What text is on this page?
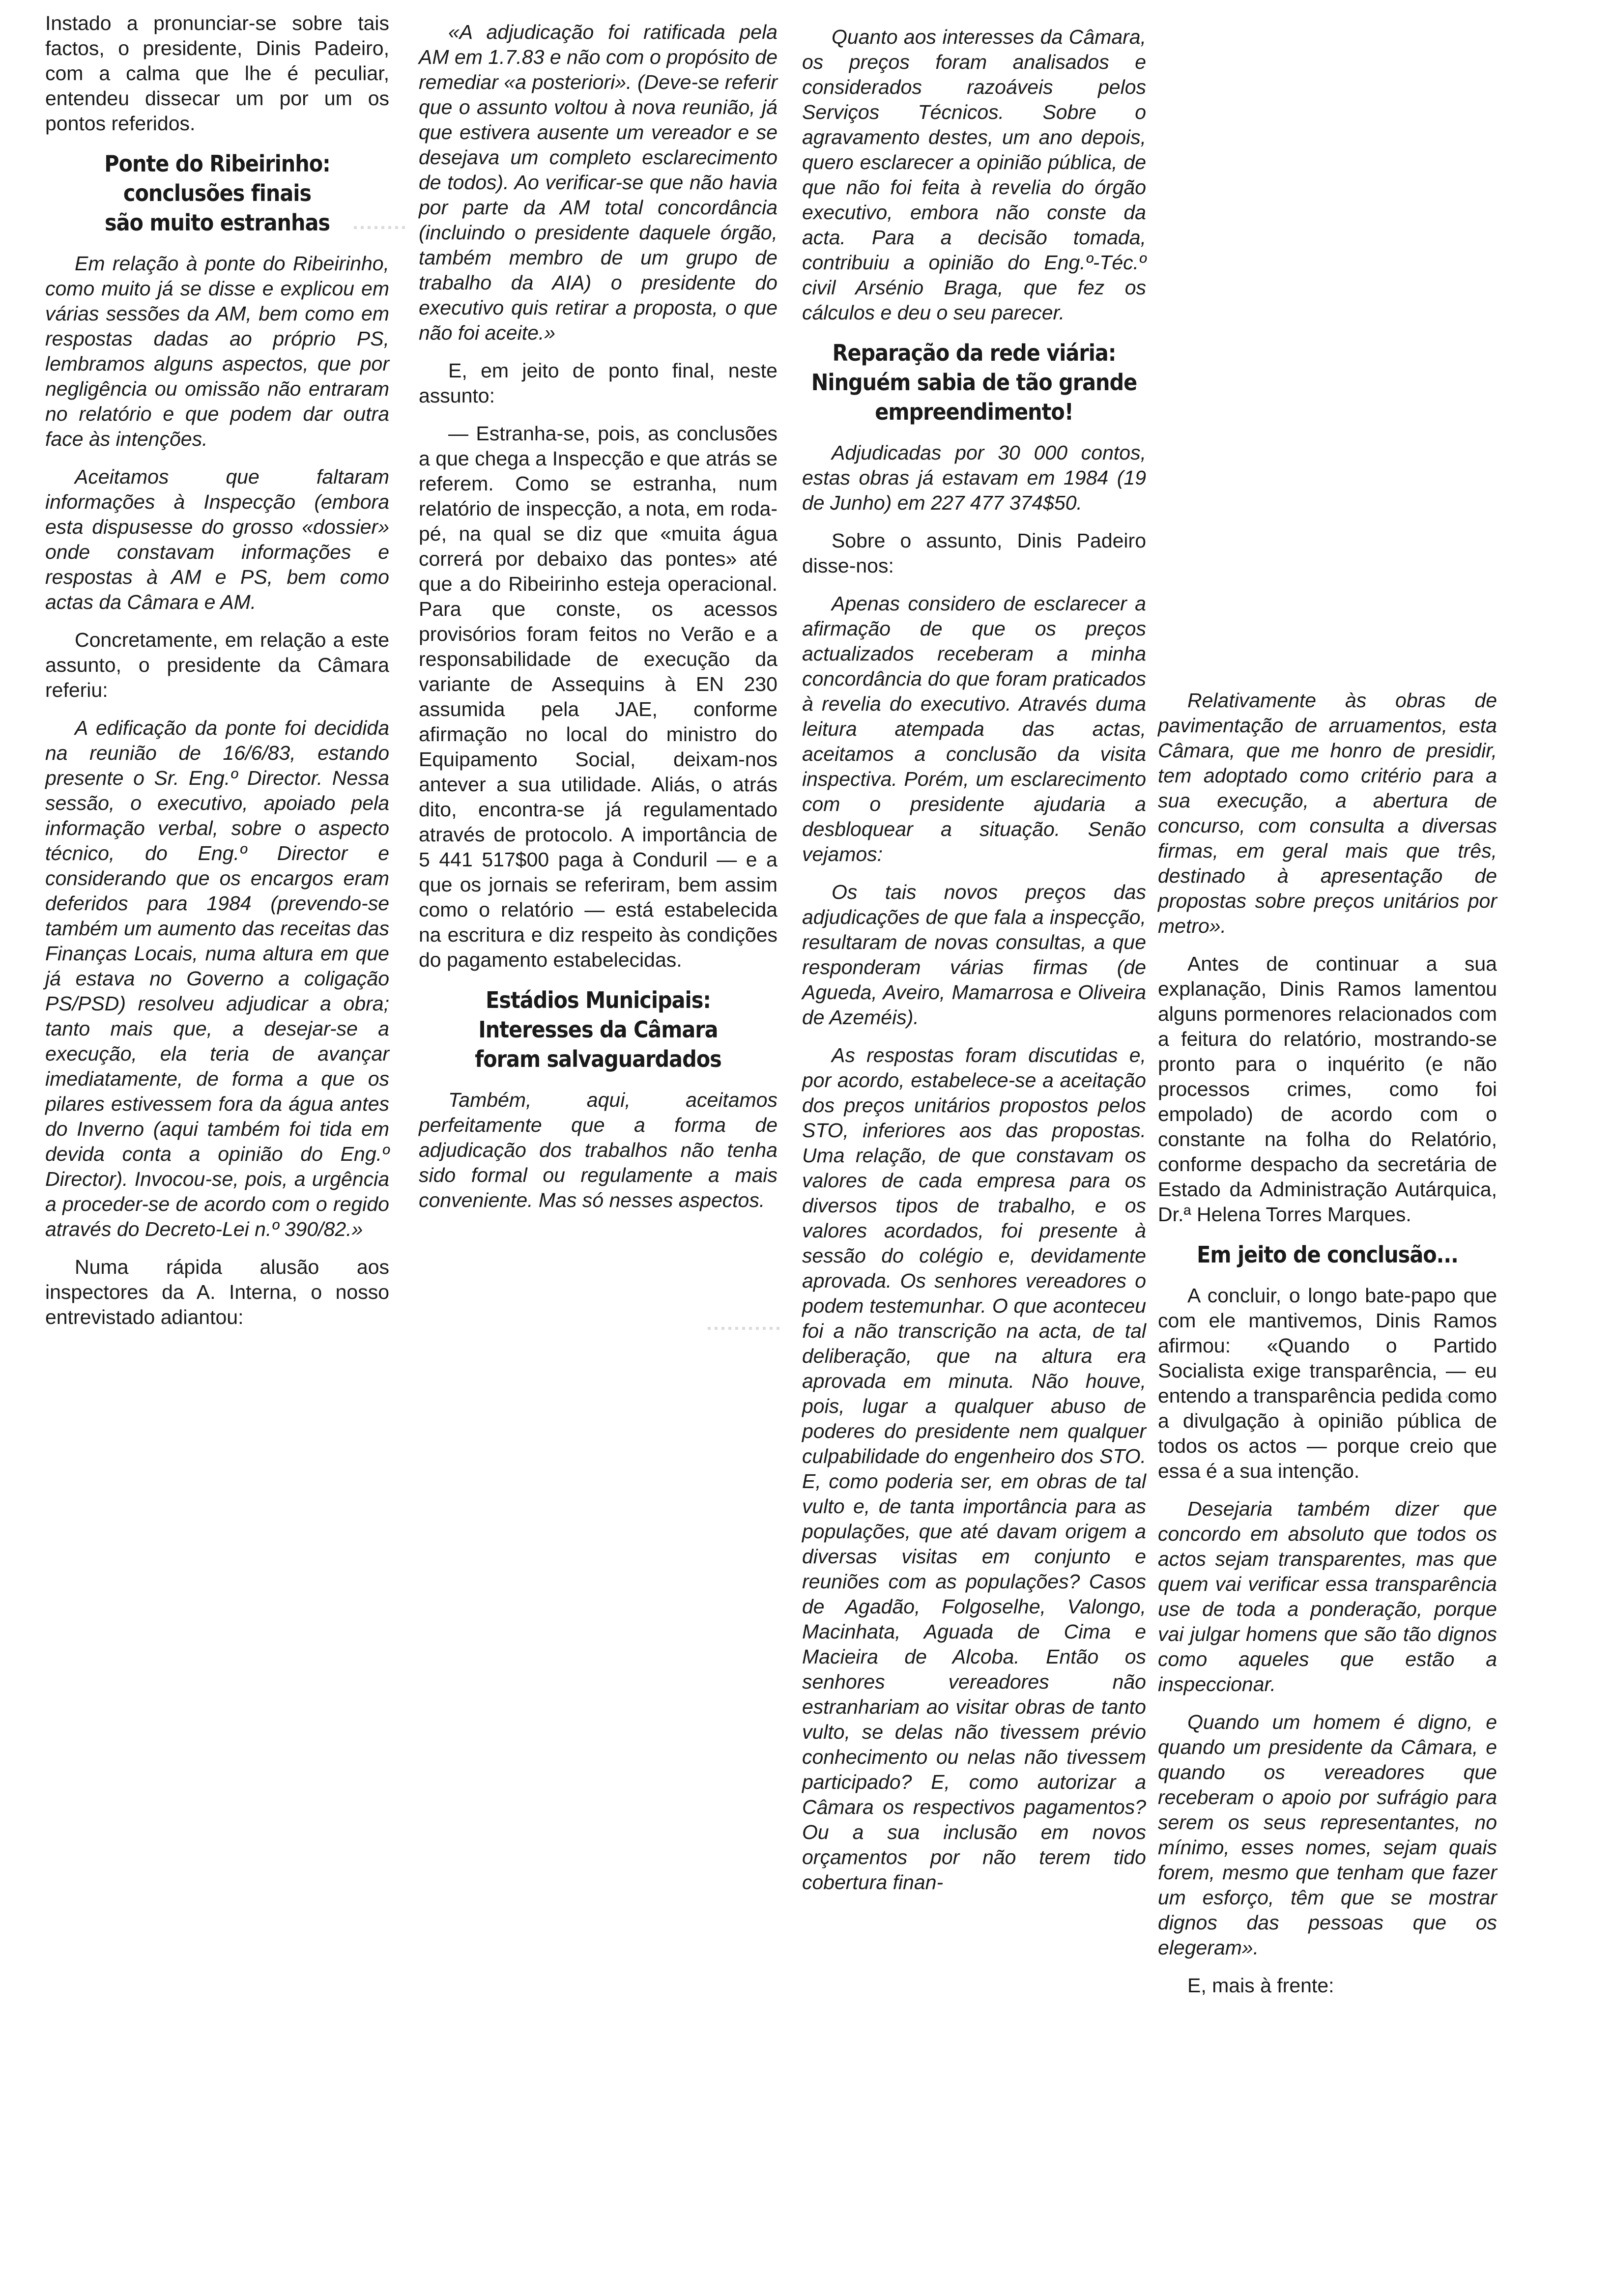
Instado a pronunciar-se sobre tais factos, o presidente, Dinis Padeiro, com a calma que lhe é peculiar, entendeu dissecar um por um os pontos referidos.

Ponte do Ribeirinho:
conclusões finais
são muito estranhas

Em relação à ponte do Ribeirinho, como muito já se disse e explicou em várias sessões da AM, bem como em respostas dadas ao próprio PS, lembramos alguns aspectos, que por negligência ou omissão não entraram no relatório e que podem dar outra face às intenções.

Aceitamos que faltaram informações à Inspecção (embora esta dispusesse do grosso «dossier» onde constavam informações e respostas à AM e PS, bem como actas da Câmara e AM.

Concretamente, em relação a este assunto, o presidente da Câmara referiu:

A edificação da ponte foi decidida na reunião de 16/6/83, estando presente o Sr. Eng.º Director. Nessa sessão, o executivo, apoiado pela informação verbal, sobre o aspecto técnico, do Eng.º Director e considerando que os encargos eram deferidos para 1984 (prevendo-se também um aumento das receitas das Finanças Locais, numa altura em que já estava no Governo a coligação PS/PSD) resolveu adjudicar a obra; tanto mais que, a desejar-se a execução, ela teria de avançar imediatamente, de forma a que os pilares estivessem fora da água antes do Inverno (aqui também foi tida em devida conta a opinião do Eng.º Director). Invocou-se, pois, a urgência a proceder-se de acordo com o regido através do Decreto-Lei n.º 390/82.»

Numa rápida alusão aos inspectores da A. Interna, o nosso entrevistado adiantou:

«A adjudicação foi ratificada pela AM em 1.7.83 e não com o propósito de remediar «a posteriori». (Deve-se referir que o assunto voltou à nova reunião, já que estivera ausente um vereador e se desejava um completo esclarecimento de todos). Ao verificar-se que não havia por parte da AM total concordância (incluindo o presidente daquele órgão, também membro de um grupo de trabalho da AIA) o presidente do executivo quis retirar a proposta, o que não foi aceite.»

E, em jeito de ponto final, neste assunto:

— Estranha-se, pois, as conclusões a que chega a Inspecção e que atrás se referem. Como se estranha, num relatório de inspecção, a nota, em roda-pé, na qual se diz que «muita água correrá por debaixo das pontes» até que a do Ribeirinho esteja operacional. Para que conste, os acessos provisórios foram feitos no Verão e a responsabilidade de execução da variante de Assequins à EN 230 assumida pela JAE, conforme afirmação no local do ministro do Equipamento Social, deixam-nos antever a sua utilidade. Aliás, o atrás dito, encontra-se já regulamentado através de protocolo. A importância de 5 441 517$00 paga à Conduril — e a que os jornais se referiram, bem assim como o relatório — está estabelecida na escritura e diz respeito às condições do pagamento estabelecidas.

Estádios Municipais:
Interesses da Câmara
foram salvaguardados

Também, aqui, aceitamos perfeitamente que a forma de adjudicação dos trabalhos não tenha sido formal ou regulamente a mais conveniente. Mas só nesses aspectos.

Quanto aos interesses da Câmara, os preços foram analisados e considerados razoáveis pelos Serviços Técnicos. Sobre o agravamento destes, um ano depois, quero esclarecer a opinião pública, de que não foi feita à revelia do órgão executivo, embora não conste da acta. Para a decisão tomada, contribuiu a opinião do Eng.º-Téc.º civil Arsénio Braga, que fez os cálculos e deu o seu parecer.

Reparação da rede viária:
Ninguém sabia de tão grande
empreendimento!

Adjudicadas por 30 000 contos, estas obras já estavam em 1984 (19 de Junho) em 227 477 374$50.

Sobre o assunto, Dinis Padeiro disse-nos:

Apenas considero de esclarecer a afirmação de que os preços actualizados receberam a minha concordância do que foram praticados à revelia do executivo. Através duma leitura atempada das actas, aceitamos a conclusão da visita inspectiva. Porém, um esclarecimento com o presidente ajudaria a desbloquear a situação. Senão vejamos:

Os tais novos preços das adjudicações de que fala a inspecção, resultaram de novas consultas, a que responderam várias firmas (de Agueda, Aveiro, Mamarrosa e Oliveira de Azeméis).

As respostas foram discutidas e, por acordo, estabelece-se a aceitação dos preços unitários propostos pelos STO, inferiores aos das propostas. Uma relação, de que constavam os valores de cada empresa para os diversos tipos de trabalho, e os valores acordados, foi presente à sessão do colégio e, devidamente aprovada. Os senhores vereadores o podem testemunhar. O que aconteceu foi a não transcrição na acta, de tal deliberação, que na altura era aprovada em minuta. Não houve, pois, lugar a qualquer abuso de poderes do presidente nem qualquer culpabilidade do engenheiro dos STO. E, como poderia ser, em obras de tal vulto e, de tanta importância para as populações, que até davam origem a diversas visitas em conjunto e reuniões com as populações? Casos de Agadão, Folgoselhe, Valongo, Macinhata, Aguada de Cima e Macieira de Alcoba. Então os senhores vereadores não estranhariam ao visitar obras de tanto vulto, se delas não tivessem prévio conhecimento ou nelas não tivessem participado? E, como autorizar a Câmara os respectivos pagamentos? Ou a sua inclusão em novos orçamentos por não terem tido cobertura finan-

Relativamente às obras de pavimentação de arruamentos, esta Câmara, que me honro de presidir, tem adoptado como critério para a sua execução, a abertura de concurso, com consulta a diversas firmas, em geral mais que três, destinado à apresentação de propostas sobre preços unitários por metro».

Antes de continuar a sua explanação, Dinis Ramos lamentou alguns pormenores relacionados com a feitura do relatório, mostrando-se pronto para o inquérito (e não processos crimes, como foi empolado) de acordo com o constante na folha do Relatório, conforme despacho da secretária de Estado da Administração Autárquica, Dr.ª Helena Torres Marques.

Em jeito de conclusão...

A concluir, o longo bate-papo que com ele mantivemos, Dinis Ramos afirmou: «Quando o Partido Socialista exige transparência, — eu entendo a transparência pedida como a divulgação à opinião pública de todos os actos — porque creio que essa é a sua intenção.

Desejaria também dizer que concordo em absoluto que todos os actos sejam transparentes, mas que quem vai verificar essa transparência use de toda a ponderação, porque vai julgar homens que são tão dignos como aqueles que estão a inspeccionar.

Quando um homem é digno, e quando um presidente da Câmara, e quando os vereadores que receberam o apoio por sufrágio para serem os seus representantes, no mínimo, esses nomes, sejam quais forem, mesmo que tenham que fazer um esforço, têm que se mostrar dignos das pessoas que os elegeram».

E, mais à frente:
